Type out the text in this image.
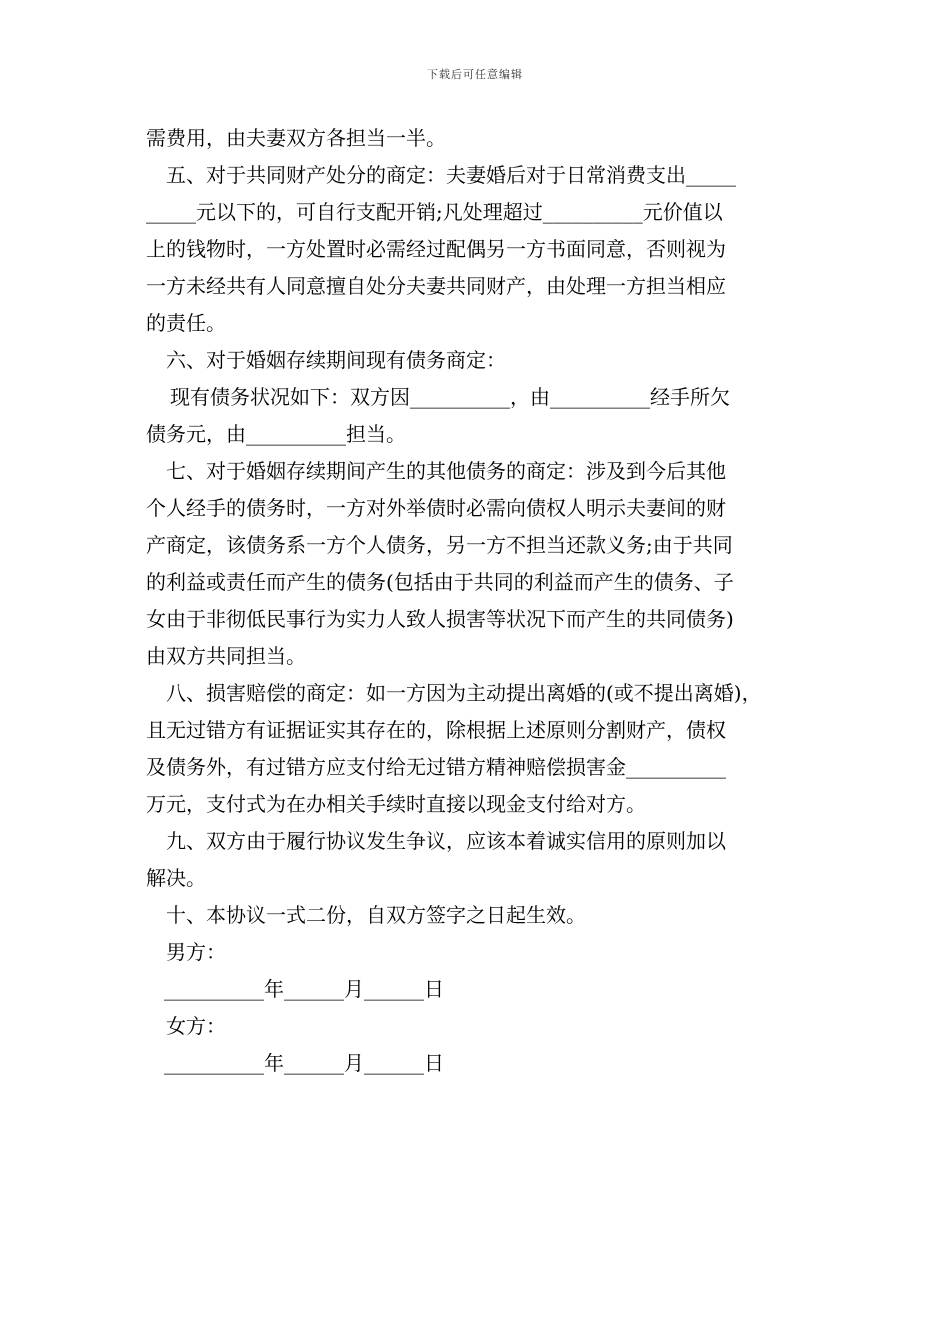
下载后可任意编辑
需费用，由夫妻双方各担当一半。
五、对于共同财产处分的商定：夫妻婚后对于日常消费支出_____
_____元以下的，可自行支配开销;凡处理超过__________元价值以
上的钱物时，一方处置时必需经过配偶另一方书面同意，否则视为
一方未经共有人同意擅自处分夫妻共同财产，由处理一方担当相应
的责任。
六、对于婚姻存续期间现有债务商定：
现有债务状况如下：双方因__________，由__________经手所欠
债务元，由__________担当。
七、对于婚姻存续期间产生的其他债务的商定：涉及到今后其他
个人经手的债务时，一方对外举债时必需向债权人明示夫妻间的财
产商定，该债务系一方个人债务，另一方不担当还款义务;由于共同
的利益或责任而产生的债务(包括由于共同的利益而产生的债务、子
女由于非彻低民事行为实力人致人损害等状况下而产生的共同债务)
由双方共同担当。
八、损害赔偿的商定：如一方因为主动提出离婚的(或不提出离婚)，
且无过错方有证据证实其存在的，除根据上述原则分割财产，债权
及债务外，有过错方应支付给无过错方精神赔偿损害金__________
万元，支付式为在办相关手续时直接以现金支付给对方。
九、双方由于履行协议发生争议，应该本着诚实信用的原则加以
解决。
十、本协议一式二份，自双方签字之日起生效。
男方：
__________年______月______日
女方：
__________年______月______日
